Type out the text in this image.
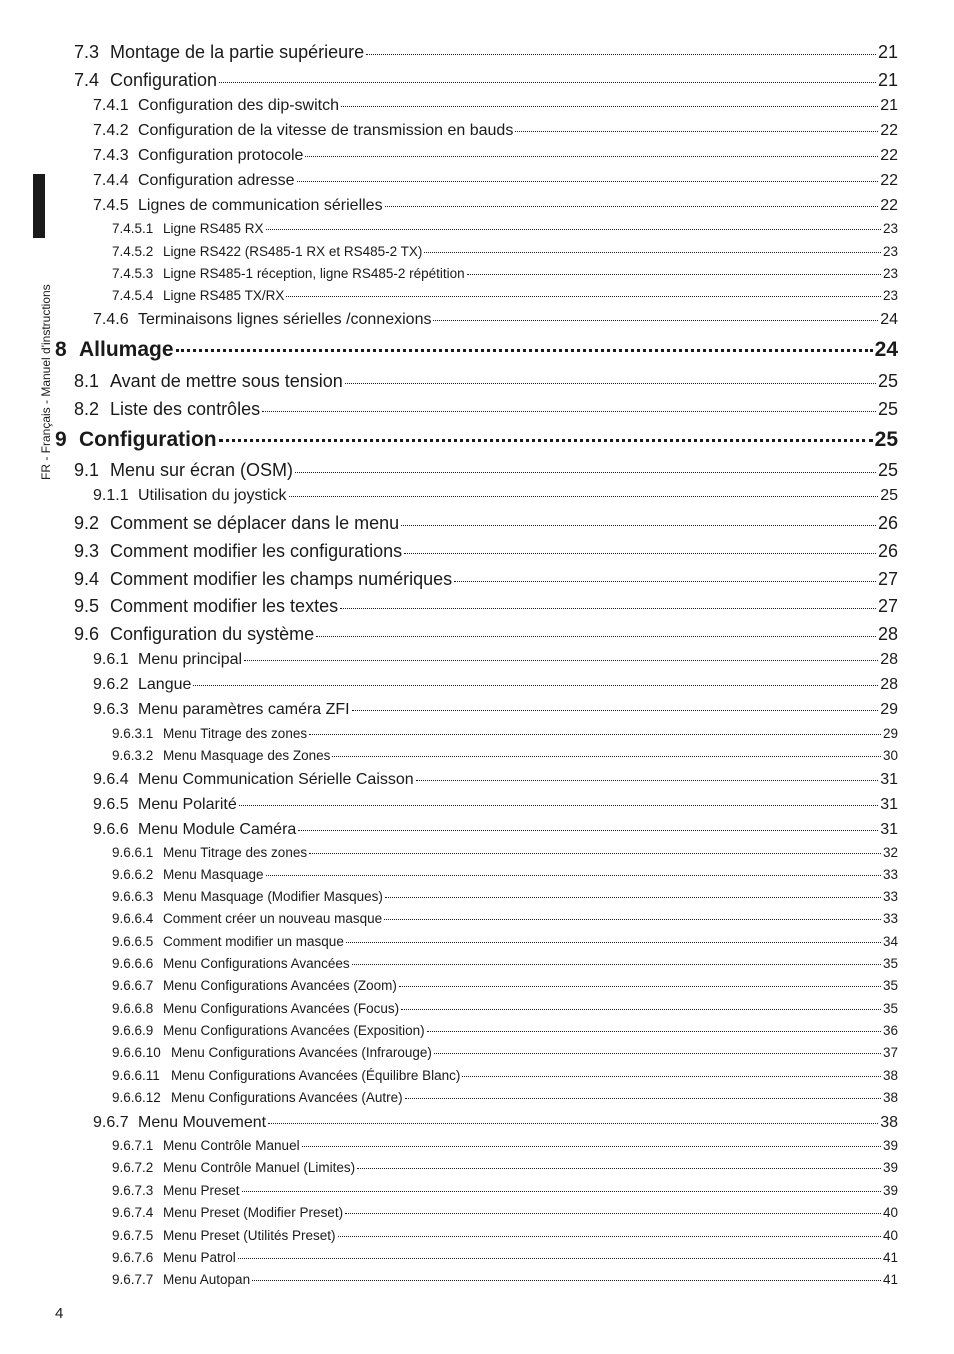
FR - Français - Manuel d'instructions
7.3 Montage de la partie supérieure	21
7.4 Configuration	21
7.4.1 Configuration des dip-switch	21
7.4.2 Configuration de la vitesse de transmission en bauds	22
7.4.3 Configuration protocole	22
7.4.4 Configuration adresse	22
7.4.5 Lignes de communication sérielles	22
7.4.5.1 Ligne RS485 RX	23
7.4.5.2 Ligne RS422 (RS485-1 RX et RS485-2 TX)	23
7.4.5.3 Ligne RS485-1 réception, ligne RS485-2 répétition	23
7.4.5.4 Ligne RS485 TX/RX	23
7.4.6 Terminaisons lignes sérielles /connexions	24
8 Allumage	24
8.1 Avant de mettre sous tension	25
8.2 Liste des contrôles	25
9 Configuration	25
9.1 Menu sur écran (OSM)	25
9.1.1 Utilisation du joystick	25
9.2 Comment se déplacer dans le menu	26
9.3 Comment modifier les configurations	26
9.4 Comment modifier les champs numériques	27
9.5 Comment modifier les textes	27
9.6 Configuration du système	28
9.6.1 Menu principal	28
9.6.2 Langue	28
9.6.3 Menu paramètres caméra ZFI	29
9.6.3.1 Menu Titrage des zones	29
9.6.3.2 Menu Masquage des Zones	30
9.6.4 Menu Communication Sérielle Caisson	31
9.6.5 Menu Polarité	31
9.6.6 Menu Module Caméra	31
9.6.6.1 Menu Titrage des zones	32
9.6.6.2 Menu Masquage	33
9.6.6.3 Menu Masquage (Modifier Masques)	33
9.6.6.4 Comment créer un nouveau masque	33
9.6.6.5 Comment modifier un masque	34
9.6.6.6 Menu Configurations Avancées	35
9.6.6.7 Menu Configurations Avancées (Zoom)	35
9.6.6.8 Menu Configurations Avancées (Focus)	35
9.6.6.9 Menu Configurations Avancées (Exposition)	36
9.6.6.10 Menu Configurations Avancées (Infrarouge)	37
9.6.6.11 Menu Configurations Avancées (Équilibre Blanc)	38
9.6.6.12 Menu Configurations Avancées (Autre)	38
9.6.7 Menu Mouvement	38
9.6.7.1 Menu Contrôle Manuel	39
9.6.7.2 Menu Contrôle Manuel (Limites)	39
9.6.7.3 Menu Preset	39
9.6.7.4 Menu Preset (Modifier Preset)	40
9.6.7.5 Menu Preset (Utilités Preset)	40
9.6.7.6 Menu Patrol	41
9.6.7.7 Menu Autopan	41
4
